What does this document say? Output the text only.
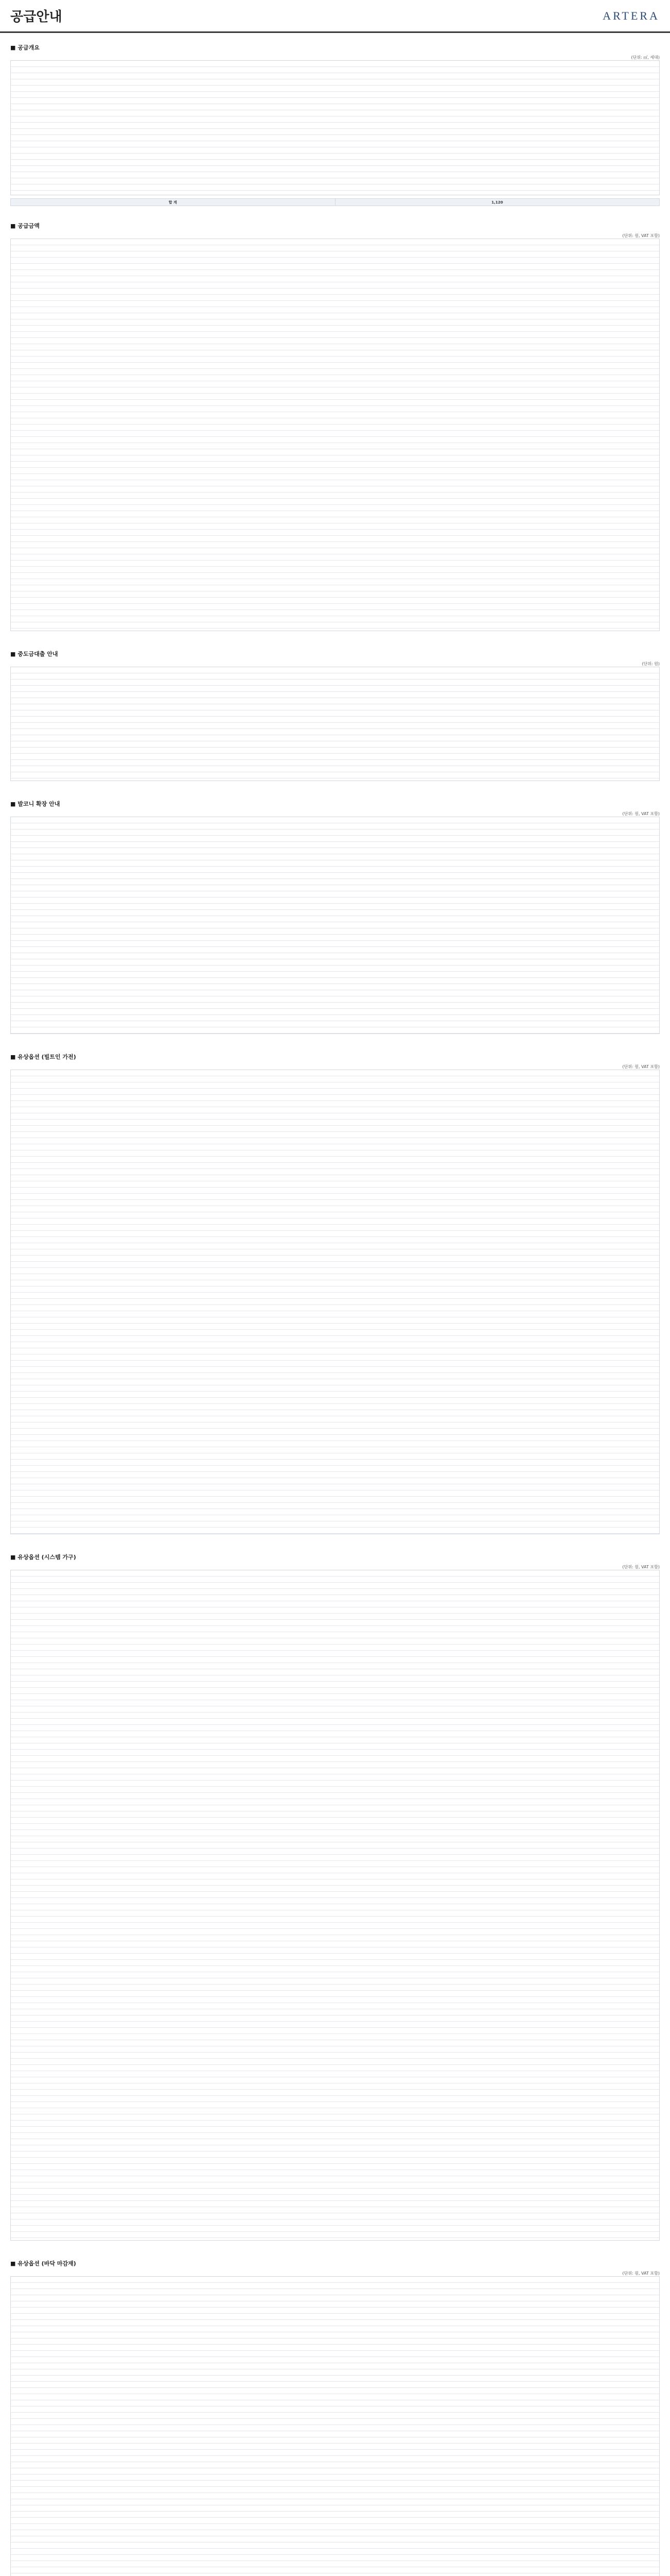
공급안내	ARTERA
■ 공급개요
(단위: ㎡, 세대)
합 계	1,120
■ 공급금액
(단위: 원, VAT 포함)
■ 중도금대출 안내
(단위: 원)
■ 발코니 확장 안내
(단위: 원, VAT 포함)
■ 유상옵션 (빌트인 가전)
(단위: 원, VAT 포함)
■ 유상옵션 (시스템 가구)
(단위: 원, VAT 포함)
■ 유상옵션 (바닥 마감재)
(단위: 원, VAT 포함)
